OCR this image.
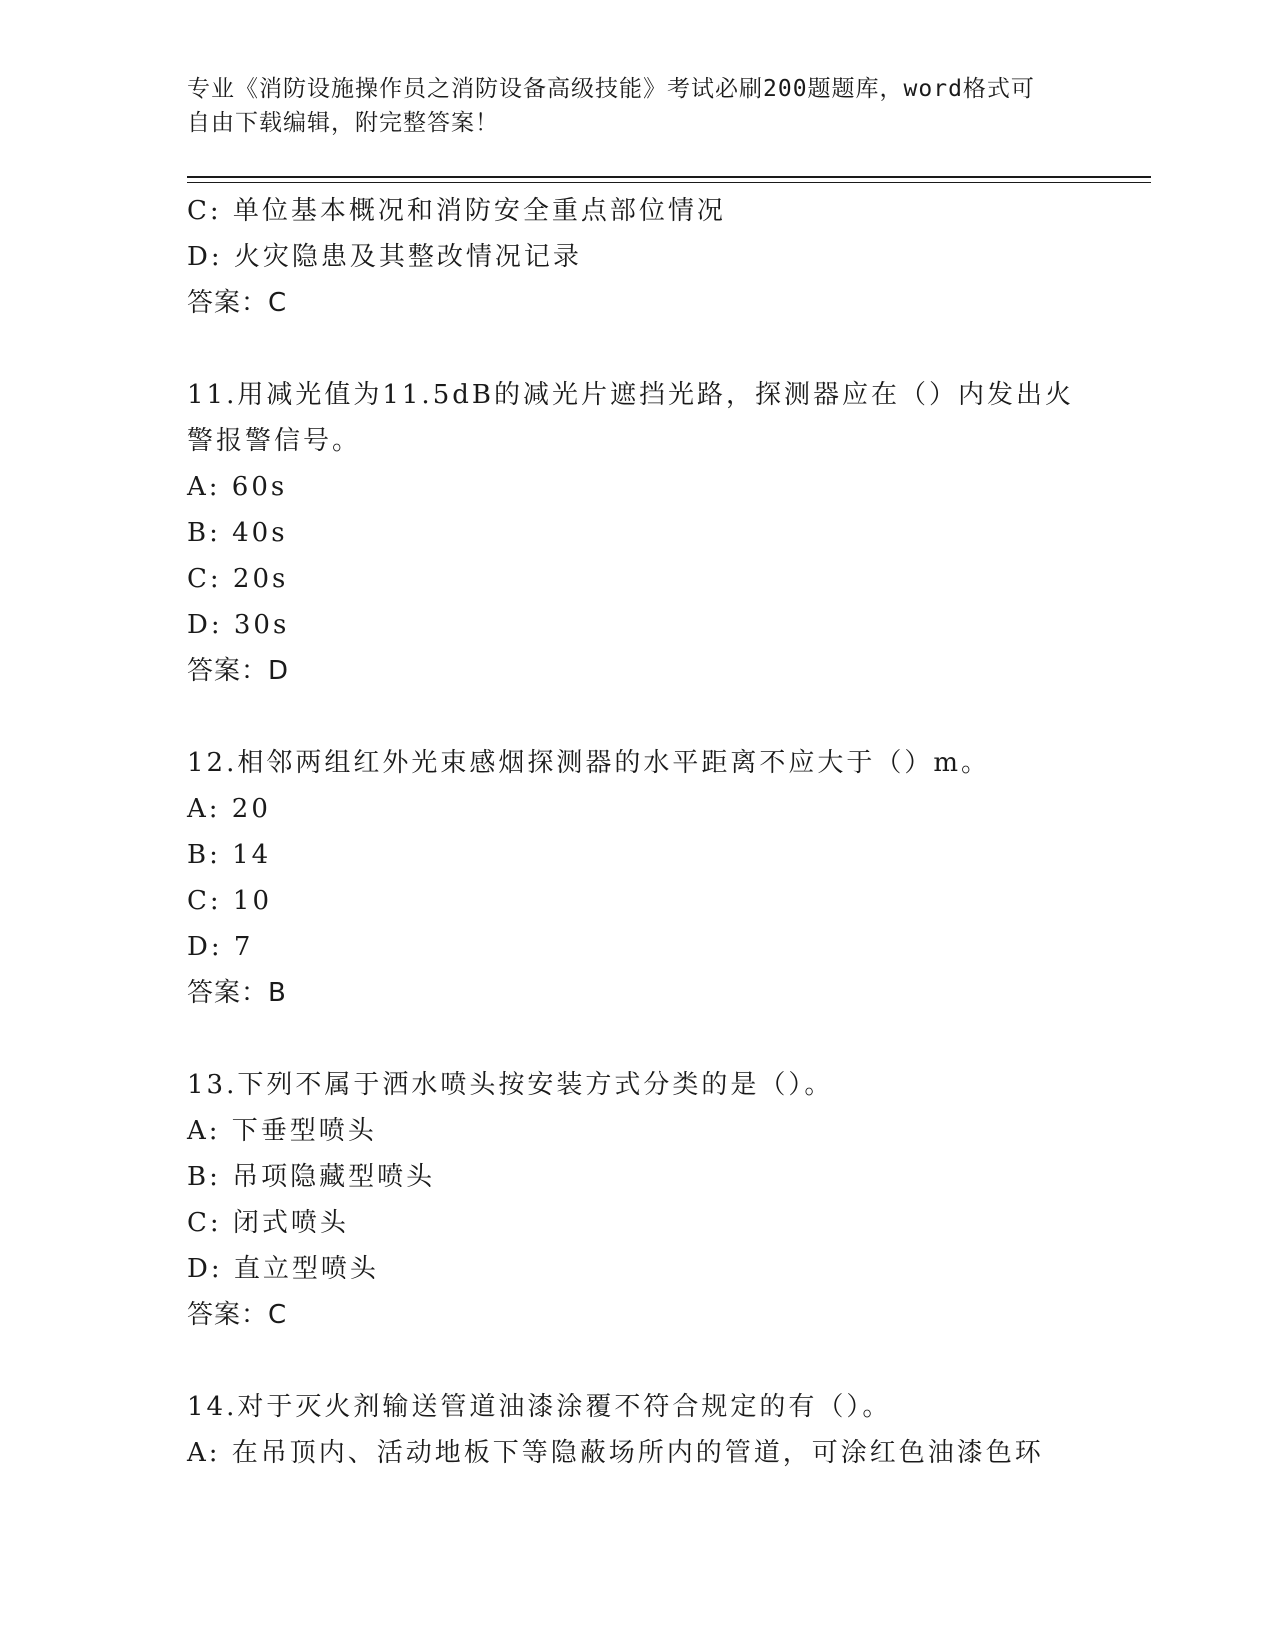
专业《消防设施操作员之消防设备高级技能》考试必刷200题题库，word格式可
自由下载编辑，附完整答案！
C: 单位基本概况和消防安全重点部位情况
D: 火灾隐患及其整改情况记录
答案：C
11.用减光值为11.5dB的减光片遮挡光路，探测器应在（）内发出火
警报警信号。
A: 60s
B: 40s
C: 20s
D: 30s
答案：D
12.相邻两组红外光束感烟探测器的水平距离不应大于（）m。
A: 20
B: 14
C: 10
D: 7
答案：B
13.下列不属于洒水喷头按安装方式分类的是（）。
A: 下垂型喷头
B: 吊项隐藏型喷头
C: 闭式喷头
D: 直立型喷头
答案：C
14.对于灭火剂输送管道油漆涂覆不符合规定的有（）。
A: 在吊顶内、活动地板下等隐蔽场所内的管道，可涂红色油漆色环
